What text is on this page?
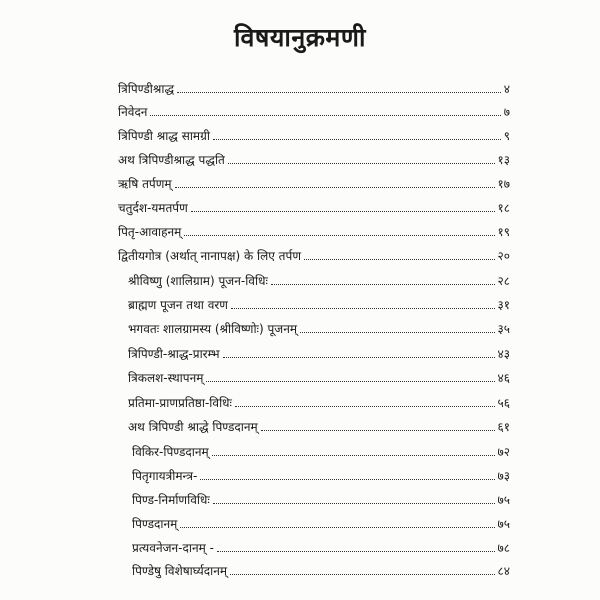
विषयानुक्रमणी
त्रिपिण्डीश्राद्ध	४
निवेदन	७
त्रिपिण्डी श्राद्ध सामग्री	९
अथ त्रिपिण्डीश्राद्ध पद्धति	१३
ऋषि तर्पणम्	१७
चतुर्दश-यमतर्पण	१८
पितृ-आवाहनम्	१९
द्वितीयगोत्र (अर्थात् नानापक्ष) के लिए तर्पण	२०
श्रीविष्णु (शालिग्राम) पूजन-विधिः	२८
ब्राह्मण पूजन तथा वरण	३१
भगवतः शालग्रामस्य (श्रीविष्णोः) पूजनम्	३५
त्रिपिण्डी-श्राद्ध-प्रारम्भ	४३
त्रिकलश-स्थापनम्	४६
प्रतिमा-प्राणप्रतिष्ठा-विधिः	५६
अथ त्रिपिण्डी श्राद्धे पिण्डदानम्	६१
विकिर-पिण्डदानम्	७२
पितृगायत्रीमन्त्र-	७३
पिण्ड-निर्माणविधिः	७५
पिण्डदानम्	७५
प्रत्यवनेजन-दानम् -	७८
पिण्डेषु विशेषार्घ्यदानम्	८४
